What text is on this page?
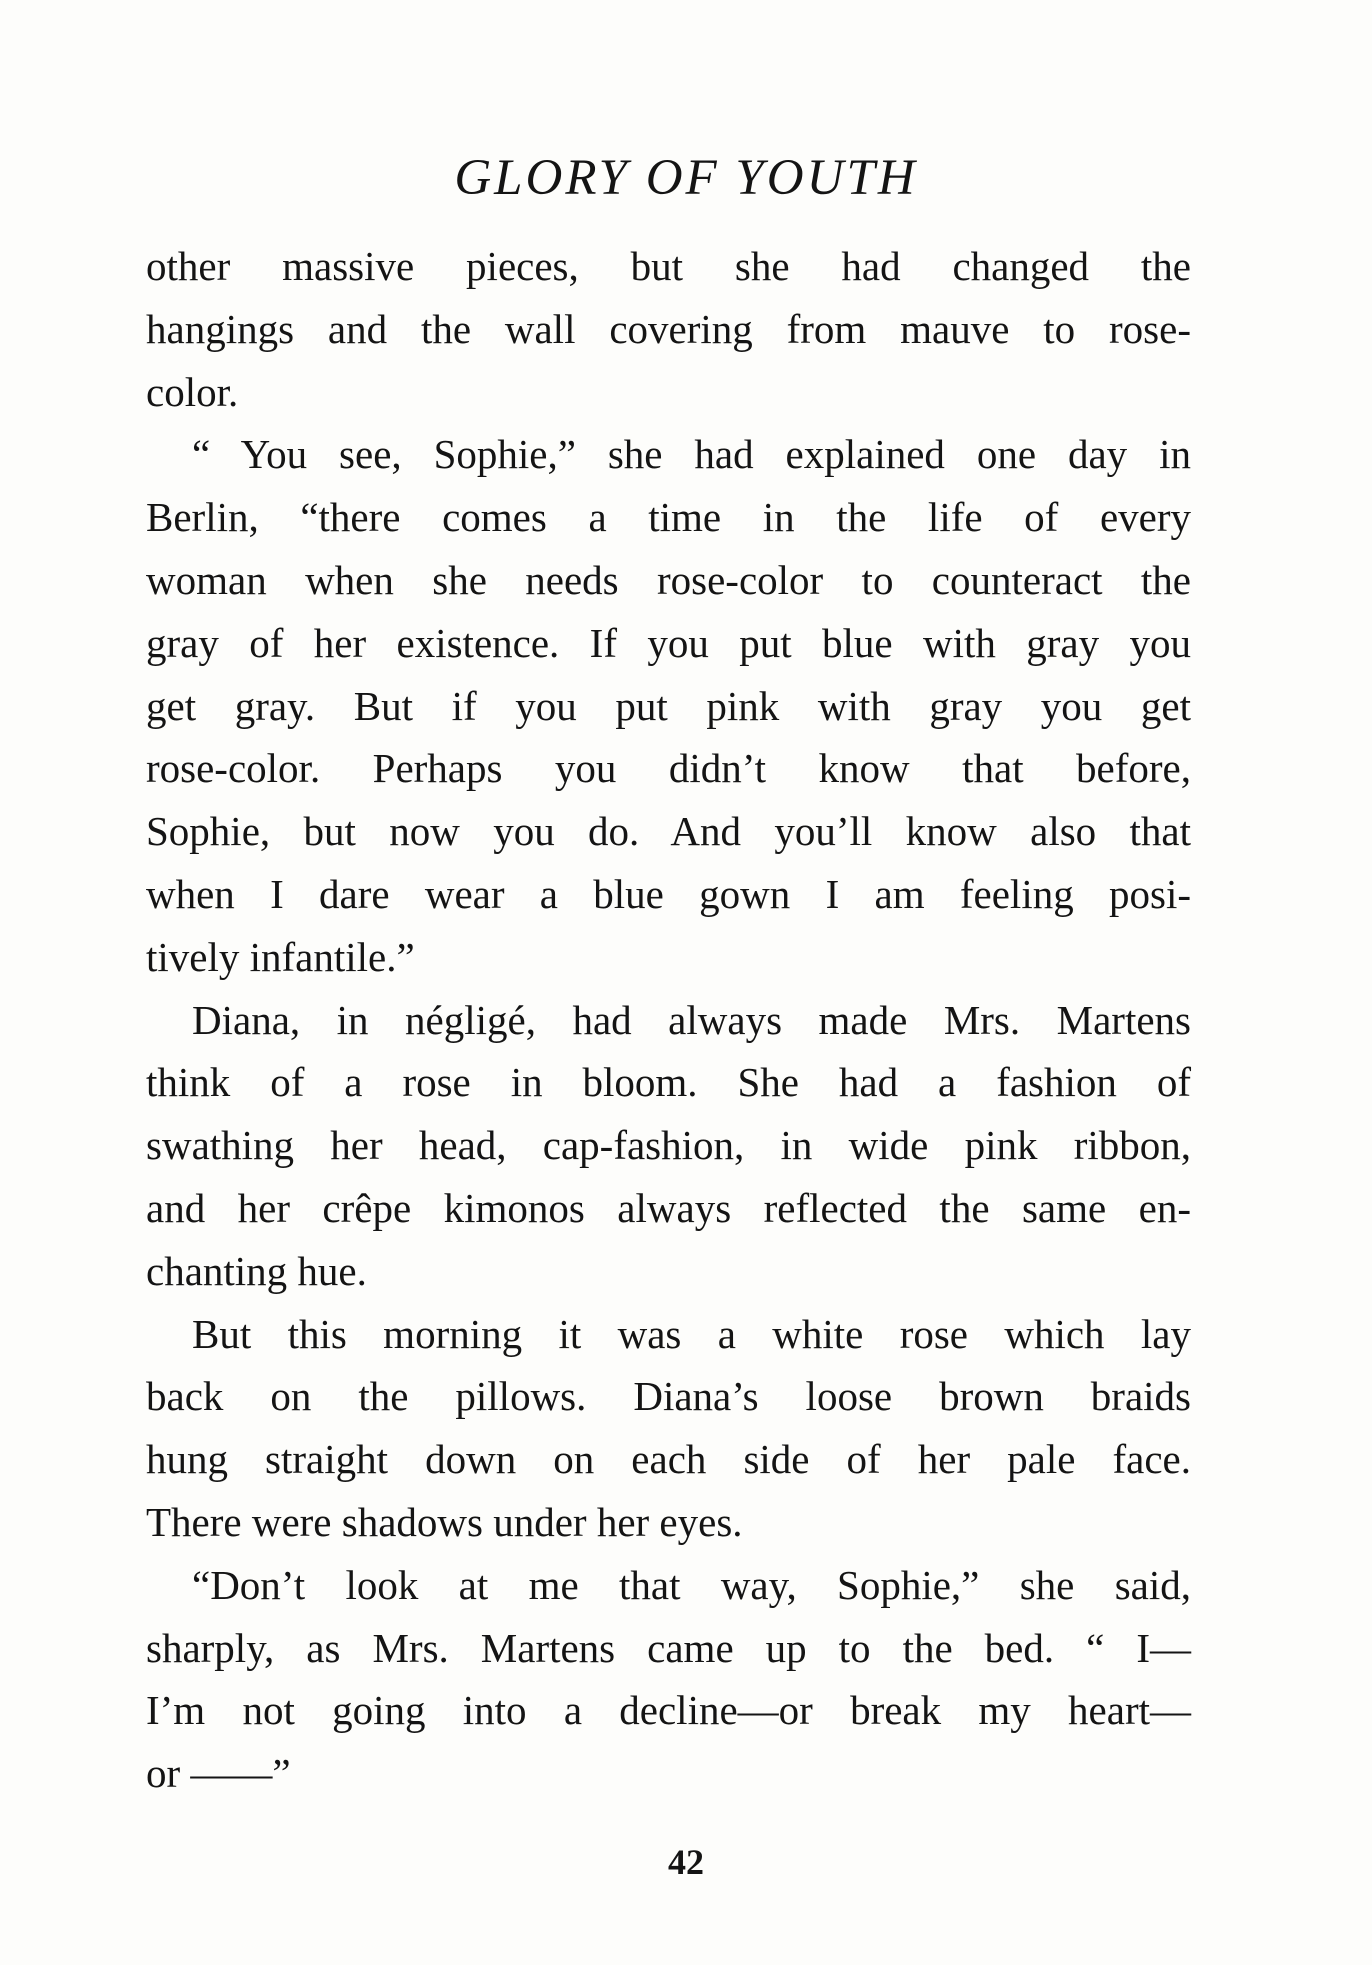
GLORY OF YOUTH
other massive pieces, but she had changed the
hangings and the wall covering from mauve to rose-
color.
“ You see, Sophie,” she had explained one day in
Berlin, “there comes a time in the life of every
woman when she needs rose-color to counteract the
gray of her existence. If you put blue with gray you
get gray. But if you put pink with gray you get
rose-color. Perhaps you didn’t know that before,
Sophie, but now you do. And you’ll know also that
when I dare wear a blue gown I am feeling posi-
tively infantile.”
Diana, in négligé, had always made Mrs. Martens
think of a rose in bloom. She had a fashion of
swathing her head, cap-fashion, in wide pink ribbon,
and her crêpe kimonos always reflected the same en-
chanting hue.
But this morning it was a white rose which lay
back on the pillows. Diana’s loose brown braids
hung straight down on each side of her pale face.
There were shadows under her eyes.
“Don’t look at me that way, Sophie,” she said,
sharply, as Mrs. Martens came up to the bed. “ I—
I’m not going into a decline—or break my heart—
or ——”
42
